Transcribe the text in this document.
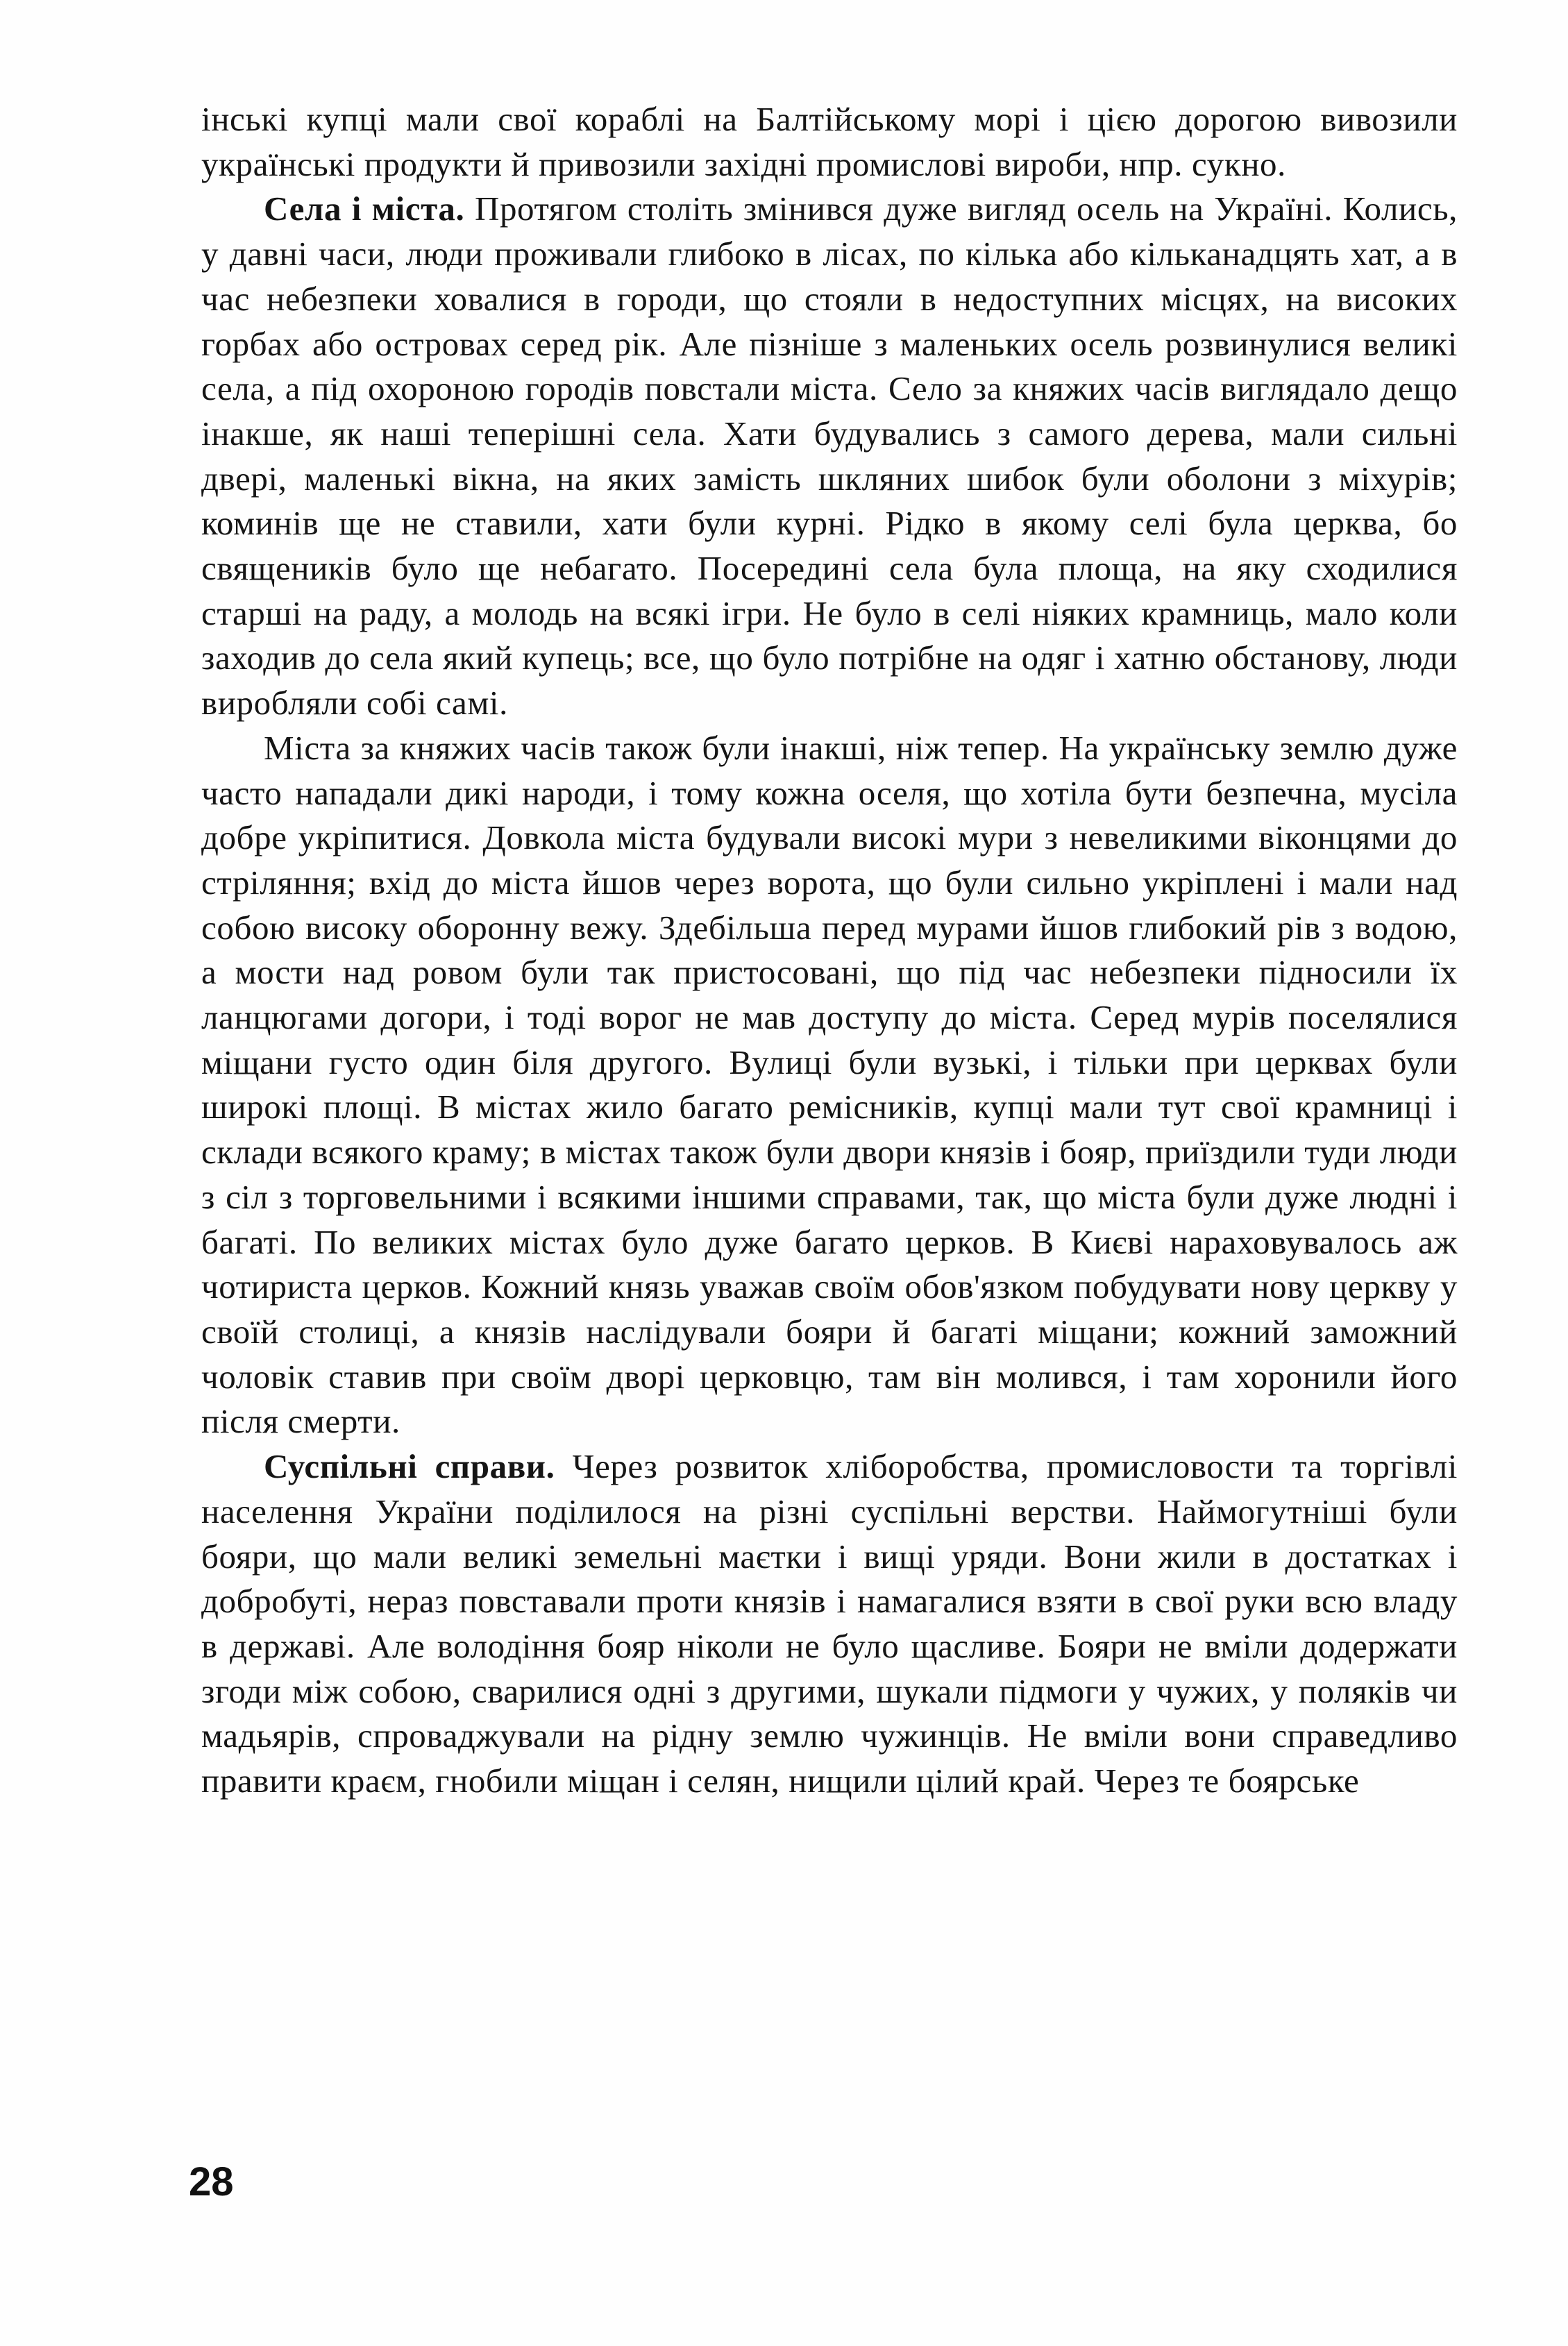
інські купці мали свої кораблі на Балтійському морі і цією дорогою вивозили українські продукти й привозили західні промислові вироби, нпр. сукно.

Села і міста. Протягом століть змінився дуже вигляд осель на Україні. Колись, у давні часи, люди проживали глибоко в лісах, по кілька або кільканадцять хат, а в час небезпеки ховалися в городи, що стояли в недоступних місцях, на високих горбах або островах серед рік. Але пізніше з маленьких осель розвинулися великі села, а під охороною городів повстали міста. Село за княжих часів виглядало дещо інакше, як наші теперішні села. Хати будувались з самого дерева, мали сильні двері, маленькі вікна, на яких замість шкляних шибок були оболони з міхурів; коминів ще не ставили, хати були курні. Рідко в якому селі була церква, бо священиків було ще небагато. Посередині села була площа, на яку сходилися старші на раду, а молодь на всякі ігри. Не було в селі ніяких крамниць, мало коли заходив до села який купець; все, що було потрібне на одяг і хатню обстанову, люди виробляли собі самі.

Міста за княжих часів також були інакші, ніж тепер. На українську землю дуже часто нападали дикі народи, і тому кожна оселя, що хотіла бути безпечна, мусіла добре укріпитися. Довкола міста будували високі мури з невеликими віконцями до стріляння; вхід до міста йшов через ворота, що були сильно укріплені і мали над собою високу оборонну вежу. Здебільша перед мурами йшов глибокий рів з водою, а мости над ровом були так пристосовані, що під час небезпеки підносили їх ланцюгами догори, і тоді ворог не мав доступу до міста. Серед мурів поселялися міщани густо один біля другого. Вулиці були вузькі, і тільки при церквах були широкі площі. В містах жило багато ремісників, купці мали тут свої крамниці і склади всякого краму; в містах також були двори князів і бояр, приїздили туди люди з сіл з торговельними і всякими іншими справами, так, що міста були дуже людні і багаті. По великих містах було дуже багато церков. В Києві нараховувалось аж чотириста церков. Кожний князь уважав своїм обов'язком побудувати нову церкву у своїй столиці, а князів наслідували бояри й багаті міщани; кожний заможний чоловік ставив при своїм дворі церковцю, там він молився, і там хоронили його після смерти.

Суспільні справи. Через розвиток хліборобства, промисловости та торгівлі населення України поділилося на різні суспільні верстви. Наймогутніші були бояри, що мали великі земельні маєтки і вищі уряди. Вони жили в достатках і добробуті, нераз повставали проти князів і намагалися взяти в свої руки всю владу в державі. Але володіння бояр ніколи не було щасливе. Бояри не вміли додержати згоди між собою, сварилися одні з другими, шукали підмоги у чужих, у поляків чи мадьярів, спроваджували на рідну землю чужинців. Не вміли вони справедливо правити краєм, гнобили міщан і селян, нищили цілий край. Через те боярське

28
